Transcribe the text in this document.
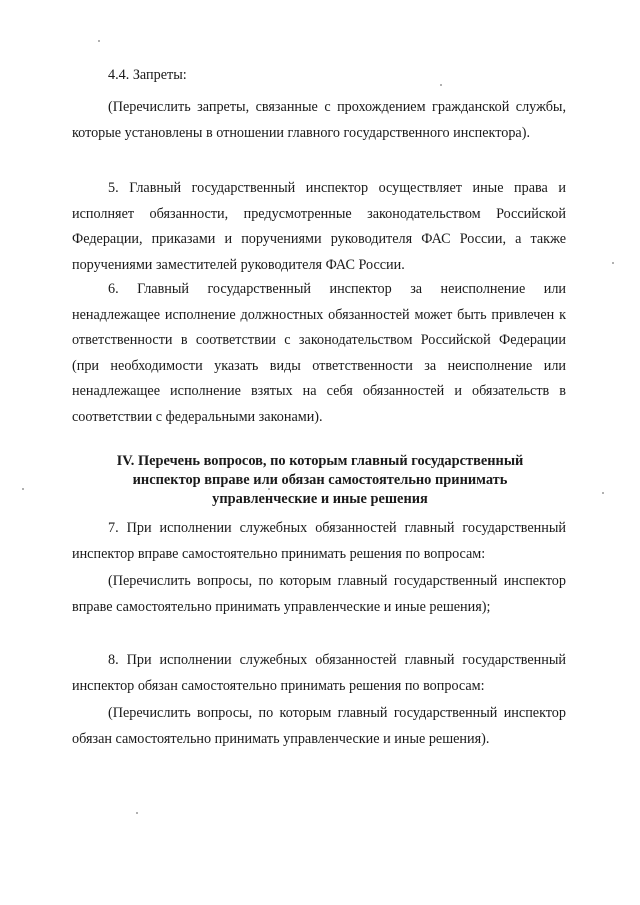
4.4. Запреты:
(Перечислить запреты, связанные с прохождением гражданской службы, которые установлены в отношении главного государственного инспектора).
5. Главный государственный инспектор осуществляет иные права и исполняет обязанности, предусмотренные законодательством Российской Федерации, приказами и поручениями руководителя ФАС России, а также поручениями заместителей руководителя ФАС России.
6. Главный государственный инспектор за неисполнение или ненадлежащее исполнение должностных обязанностей может быть привлечен к ответственности в соответствии с законодательством Российской Федерации (при необходимости указать виды ответственности за неисполнение или ненадлежащее исполнение взятых на себя обязанностей и обязательств в соответствии с федеральными законами).
IV. Перечень вопросов, по которым главный государственный инспектор вправе или обязан самостоятельно принимать управленческие и иные решения
7. При исполнении служебных обязанностей главный государственный инспектор вправе самостоятельно принимать решения по вопросам:
(Перечислить вопросы, по которым главный государственный инспектор вправе самостоятельно принимать управленческие и иные решения);
8. При исполнении служебных обязанностей главный государственный инспектор обязан самостоятельно принимать решения по вопросам:
(Перечислить вопросы, по которым главный государственный инспектор обязан самостоятельно принимать управленческие и иные решения).
